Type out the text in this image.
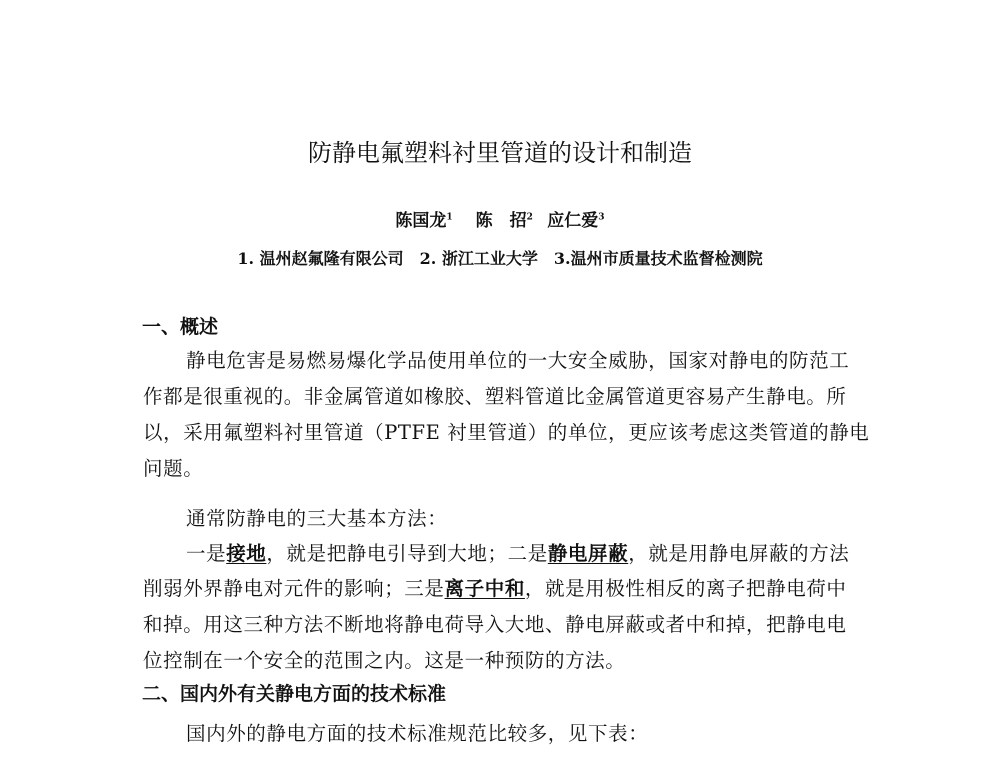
防静电氟塑料衬里管道的设计和制造
陈国龙$^1$  陈　招$^2$  应仁爱$^3$
1. 温州赵氟隆有限公司　2. 浙江工业大学　3.温州市质量技术监督检测院
一、概述
静电危害是易燃易爆化学品使用单位的一大安全威胁，国家对静电的防范工
作都是很重视的。非金属管道如橡胶、塑料管道比金属管道更容易产生静电。所
以，采用氟塑料衬里管道（PTFE 衬里管道）的单位，更应该考虑这类管道的静电
问题。
通常防静电的三大基本方法：
一是接地，就是把静电引导到大地；二是静电屏蔽，就是用静电屏蔽的方法
削弱外界静电对元件的影响；三是离子中和，就是用极性相反的离子把静电荷中
和掉。用这三种方法不断地将静电荷导入大地、静电屏蔽或者中和掉，把静电电
位控制在一个安全的范围之内。这是一种预防的方法。
二、国内外有关静电方面的技术标准
国内外的静电方面的技术标准规范比较多，见下表：
